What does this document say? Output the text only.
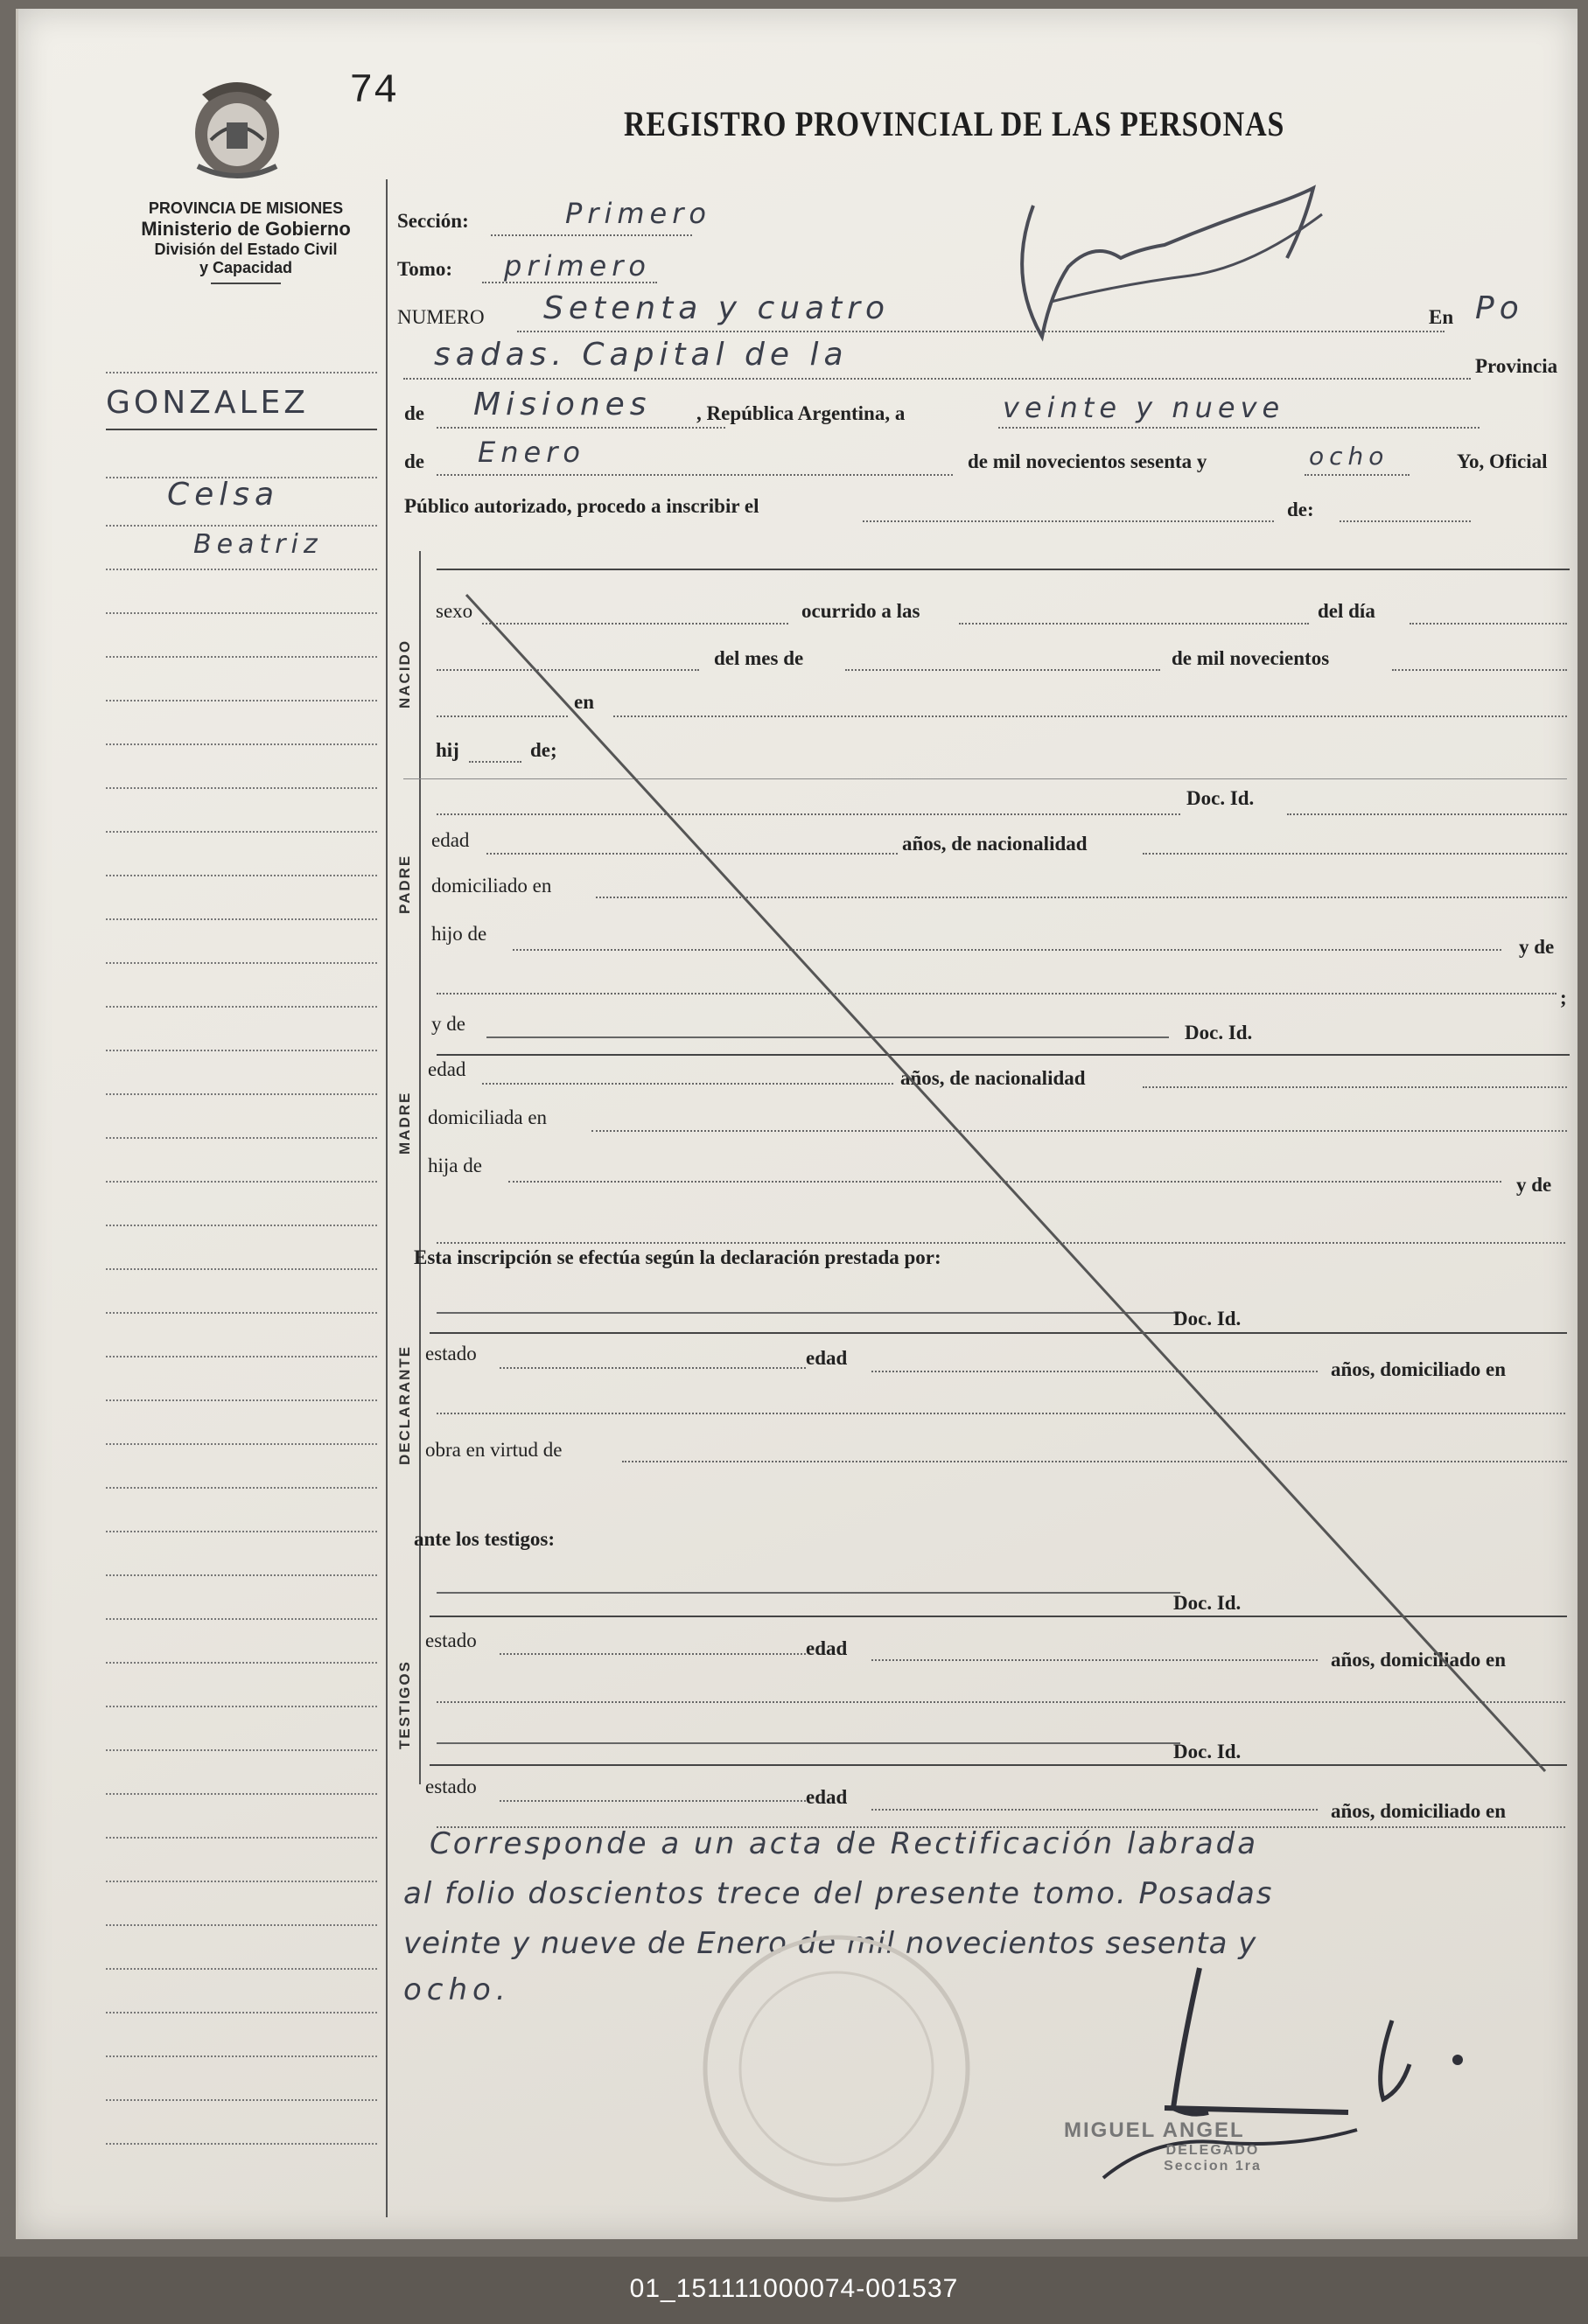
74
REGISTRO PROVINCIAL DE LAS PERSONAS
PROVINCIA DE MISIONES
Ministerio de Gobierno
División del Estado Civil
y Capacidad
GONZALEZ
Celsa
Beatriz
Sección:	Primero
Tomo: primero
NUMERO Setenta y cuatro	En Po
sadas. Capital de la	Provincia
de Misiones , República Argentina, a	veinte y nueve
de Enero	de mil novecientos sesenta y	ocho	Yo, Oficial
Público autorizado, procedo a inscribir el	de:
NACIDO
sexo	ocurrido a las	del día
del mes de	de mil novecientos
en
hij	de;
Doc. Id.
PADRE
edad	años, de nacionalidad
domiciliado en
hijo de
y de
;
y de	Doc. Id.
MADRE
edad	años, de nacionalidad
domiciliada en
hija de
y de
Esta inscripción se efectúa según la declaración prestada por:
Doc. Id.
DECLARANTE estado	edad
años, domiciliado en
obra en virtud de
ante los testigos:
Doc. Id.
TESTIGOS
estado	edad
años, domiciliado en
Doc. Id.
estado	edad
años, domiciliado en
Corresponde a un acta de Rectificación labrada
al folio doscientos trece del presente tomo. Posadas
veinte y nueve de Enero de mil novecientos sesenta y
ocho.
MIGUEL ANGEL
DELEGADO
Seccion 1ra
01_151111000074-001537
